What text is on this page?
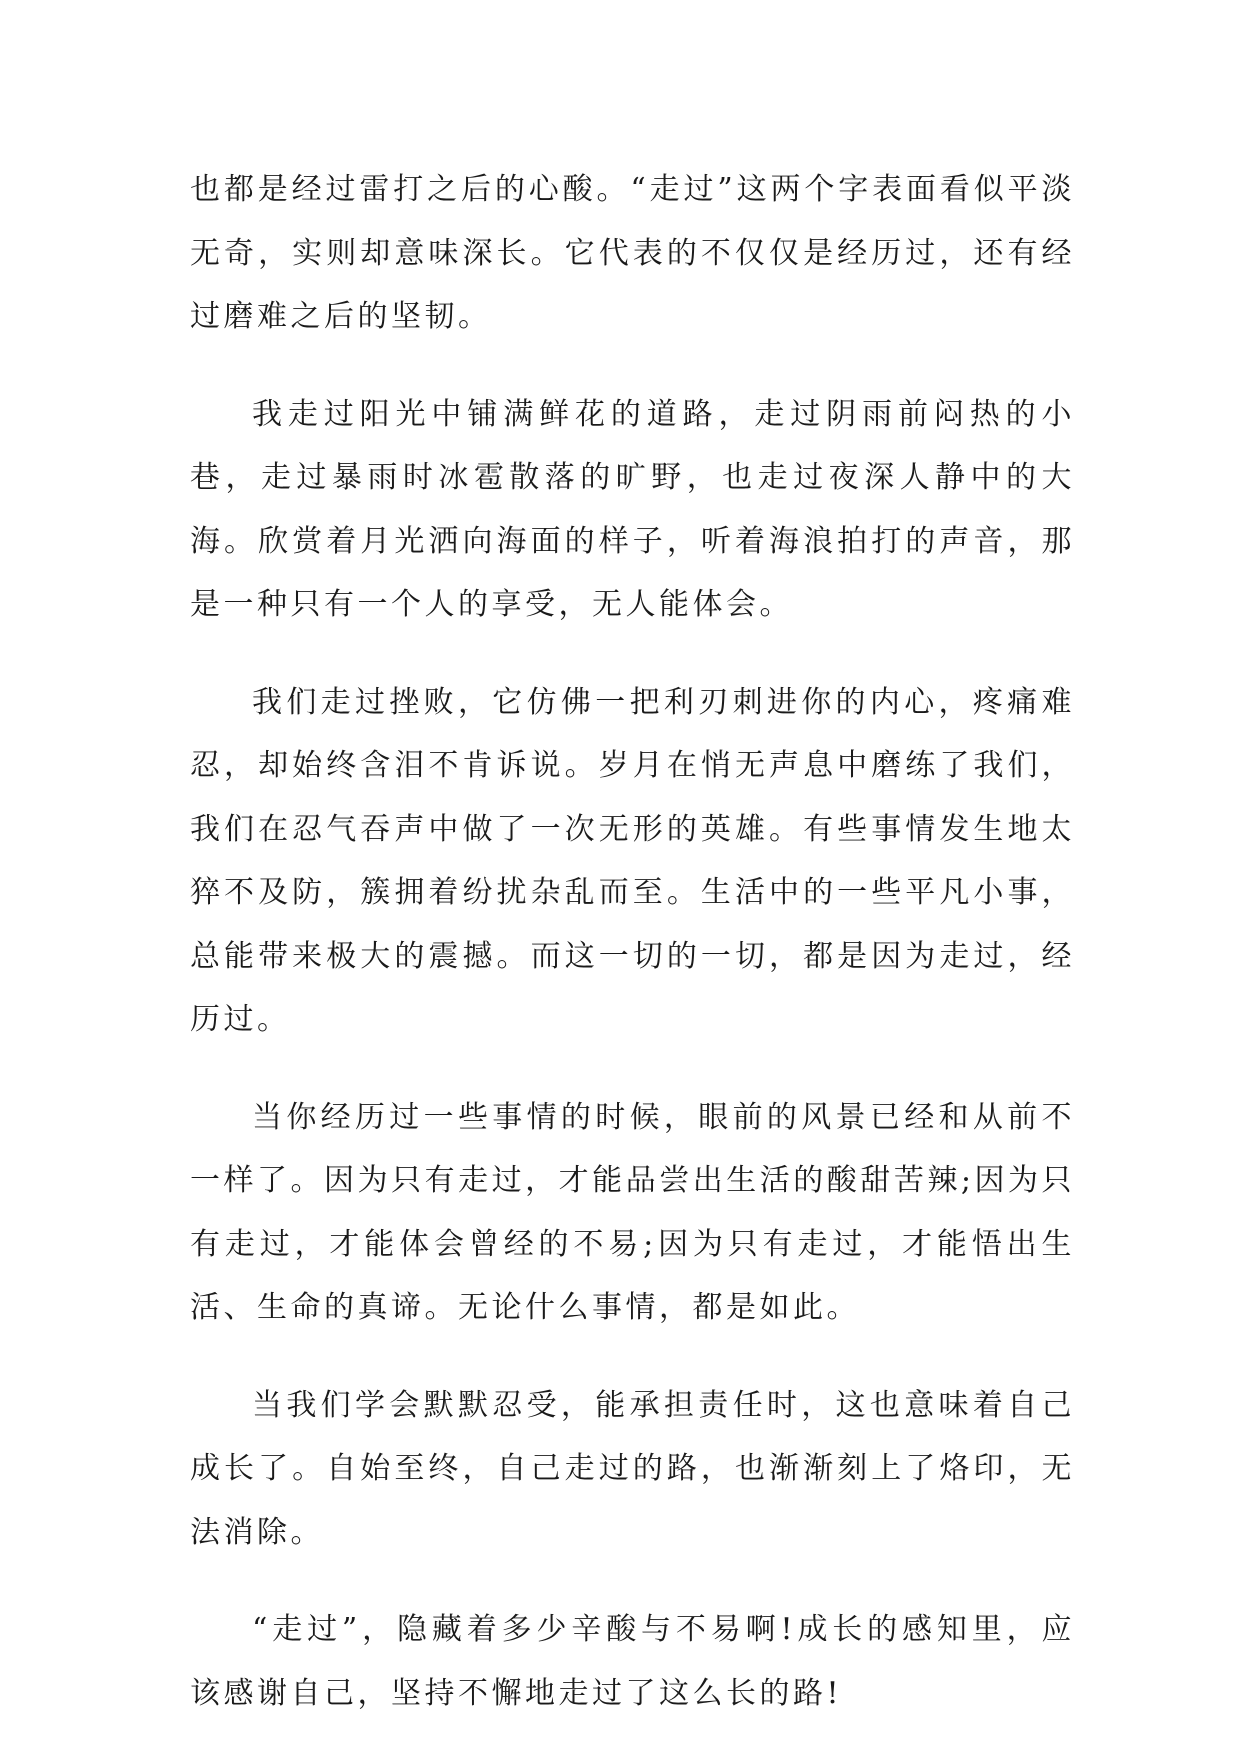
也都是经过雷打之后的心酸。“走过”这两个字表面看似平淡无奇，实则却意味深长。它代表的不仅仅是经历过，还有经过磨难之后的坚韧。

我走过阳光中铺满鲜花的道路，走过阴雨前闷热的小巷，走过暴雨时冰雹散落的旷野，也走过夜深人静中的大海。欣赏着月光洒向海面的样子，听着海浪拍打的声音，那是一种只有一个人的享受，无人能体会。

我们走过挫败，它仿佛一把利刃刺进你的内心，疼痛难忍，却始终含泪不肯诉说。岁月在悄无声息中磨练了我们，我们在忍气吞声中做了一次无形的英雄。有些事情发生地太猝不及防，簇拥着纷扰杂乱而至。生活中的一些平凡小事，总能带来极大的震撼。而这一切的一切，都是因为走过，经历过。

当你经历过一些事情的时候，眼前的风景已经和从前不一样了。因为只有走过，才能品尝出生活的酸甜苦辣;因为只有走过，才能体会曾经的不易;因为只有走过，才能悟出生活、生命的真谛。无论什么事情，都是如此。

当我们学会默默忍受，能承担责任时，这也意味着自己成长了。自始至终，自己走过的路，也渐渐刻上了烙印，无法消除。

“走过”，隐藏着多少辛酸与不易啊!成长的感知里，应该感谢自己，坚持不懈地走过了这么长的路!
